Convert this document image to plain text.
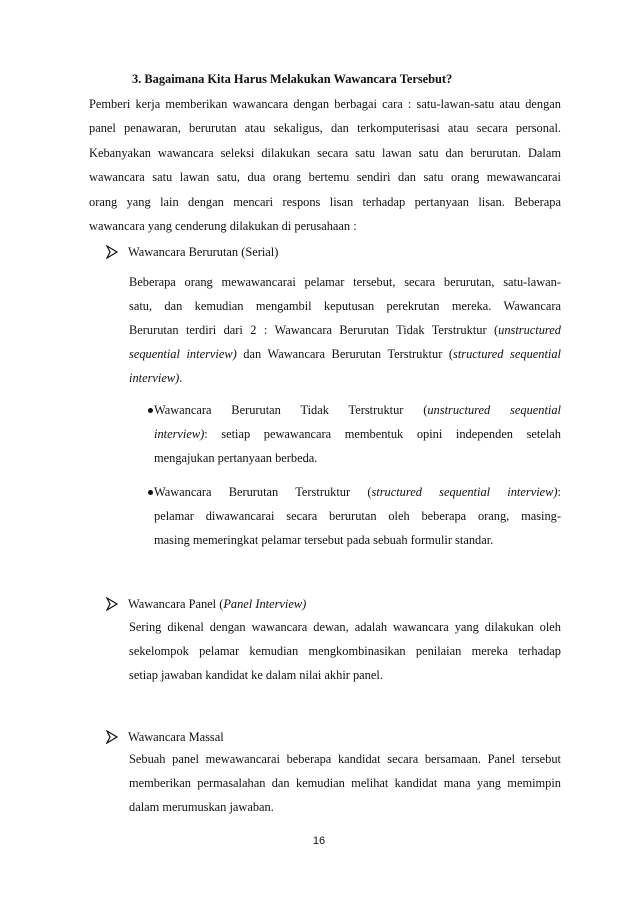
3. Bagaimana Kita Harus Melakukan Wawancara Tersebut?
Pemberi kerja memberikan wawancara dengan berbagai cara : satu-lawan-satu atau dengan
panel penawaran, berurutan atau sekaligus, dan terkomputerisasi atau secara personal.
Kebanyakan wawancara seleksi dilakukan secara satu lawan satu dan berurutan. Dalam
wawancara satu lawan satu, dua orang bertemu sendiri dan satu orang mewawancarai
orang yang lain dengan mencari respons lisan terhadap pertanyaan lisan. Beberapa
wawancara yang cenderung dilakukan di perusahaan :
Wawancara Berurutan (Serial)
Beberapa orang mewawancarai pelamar tersebut, secara berurutan, satu-lawan-
satu, dan kemudian mengambil keputusan perekrutan mereka. Wawancara
Berurutan terdiri dari 2 : Wawancara Berurutan Tidak Terstruktur (unstructured
sequential interview) dan Wawancara Berurutan Terstruktur (structured sequential
interview).
Wawancara Berurutan Tidak Terstruktur (unstructured sequential
interview): setiap pewawancara membentuk opini independen setelah
mengajukan pertanyaan berbeda.
Wawancara Berurutan Terstruktur (structured sequential interview):
pelamar diwawancarai secara berurutan oleh beberapa orang, masing-
masing memeringkat pelamar tersebut pada sebuah formulir standar.
Wawancara Panel (Panel Interview)
Sering dikenal dengan wawancara dewan, adalah wawancara yang dilakukan oleh
sekelompok pelamar kemudian mengkombinasikan penilaian mereka terhadap
setiap jawaban kandidat ke dalam nilai akhir panel.
Wawancara Massal
Sebuah panel mewawancarai beberapa kandidat secara bersamaan. Panel tersebut
memberikan permasalahan dan kemudian melihat kandidat mana yang memimpin
dalam merumuskan jawaban.
16
